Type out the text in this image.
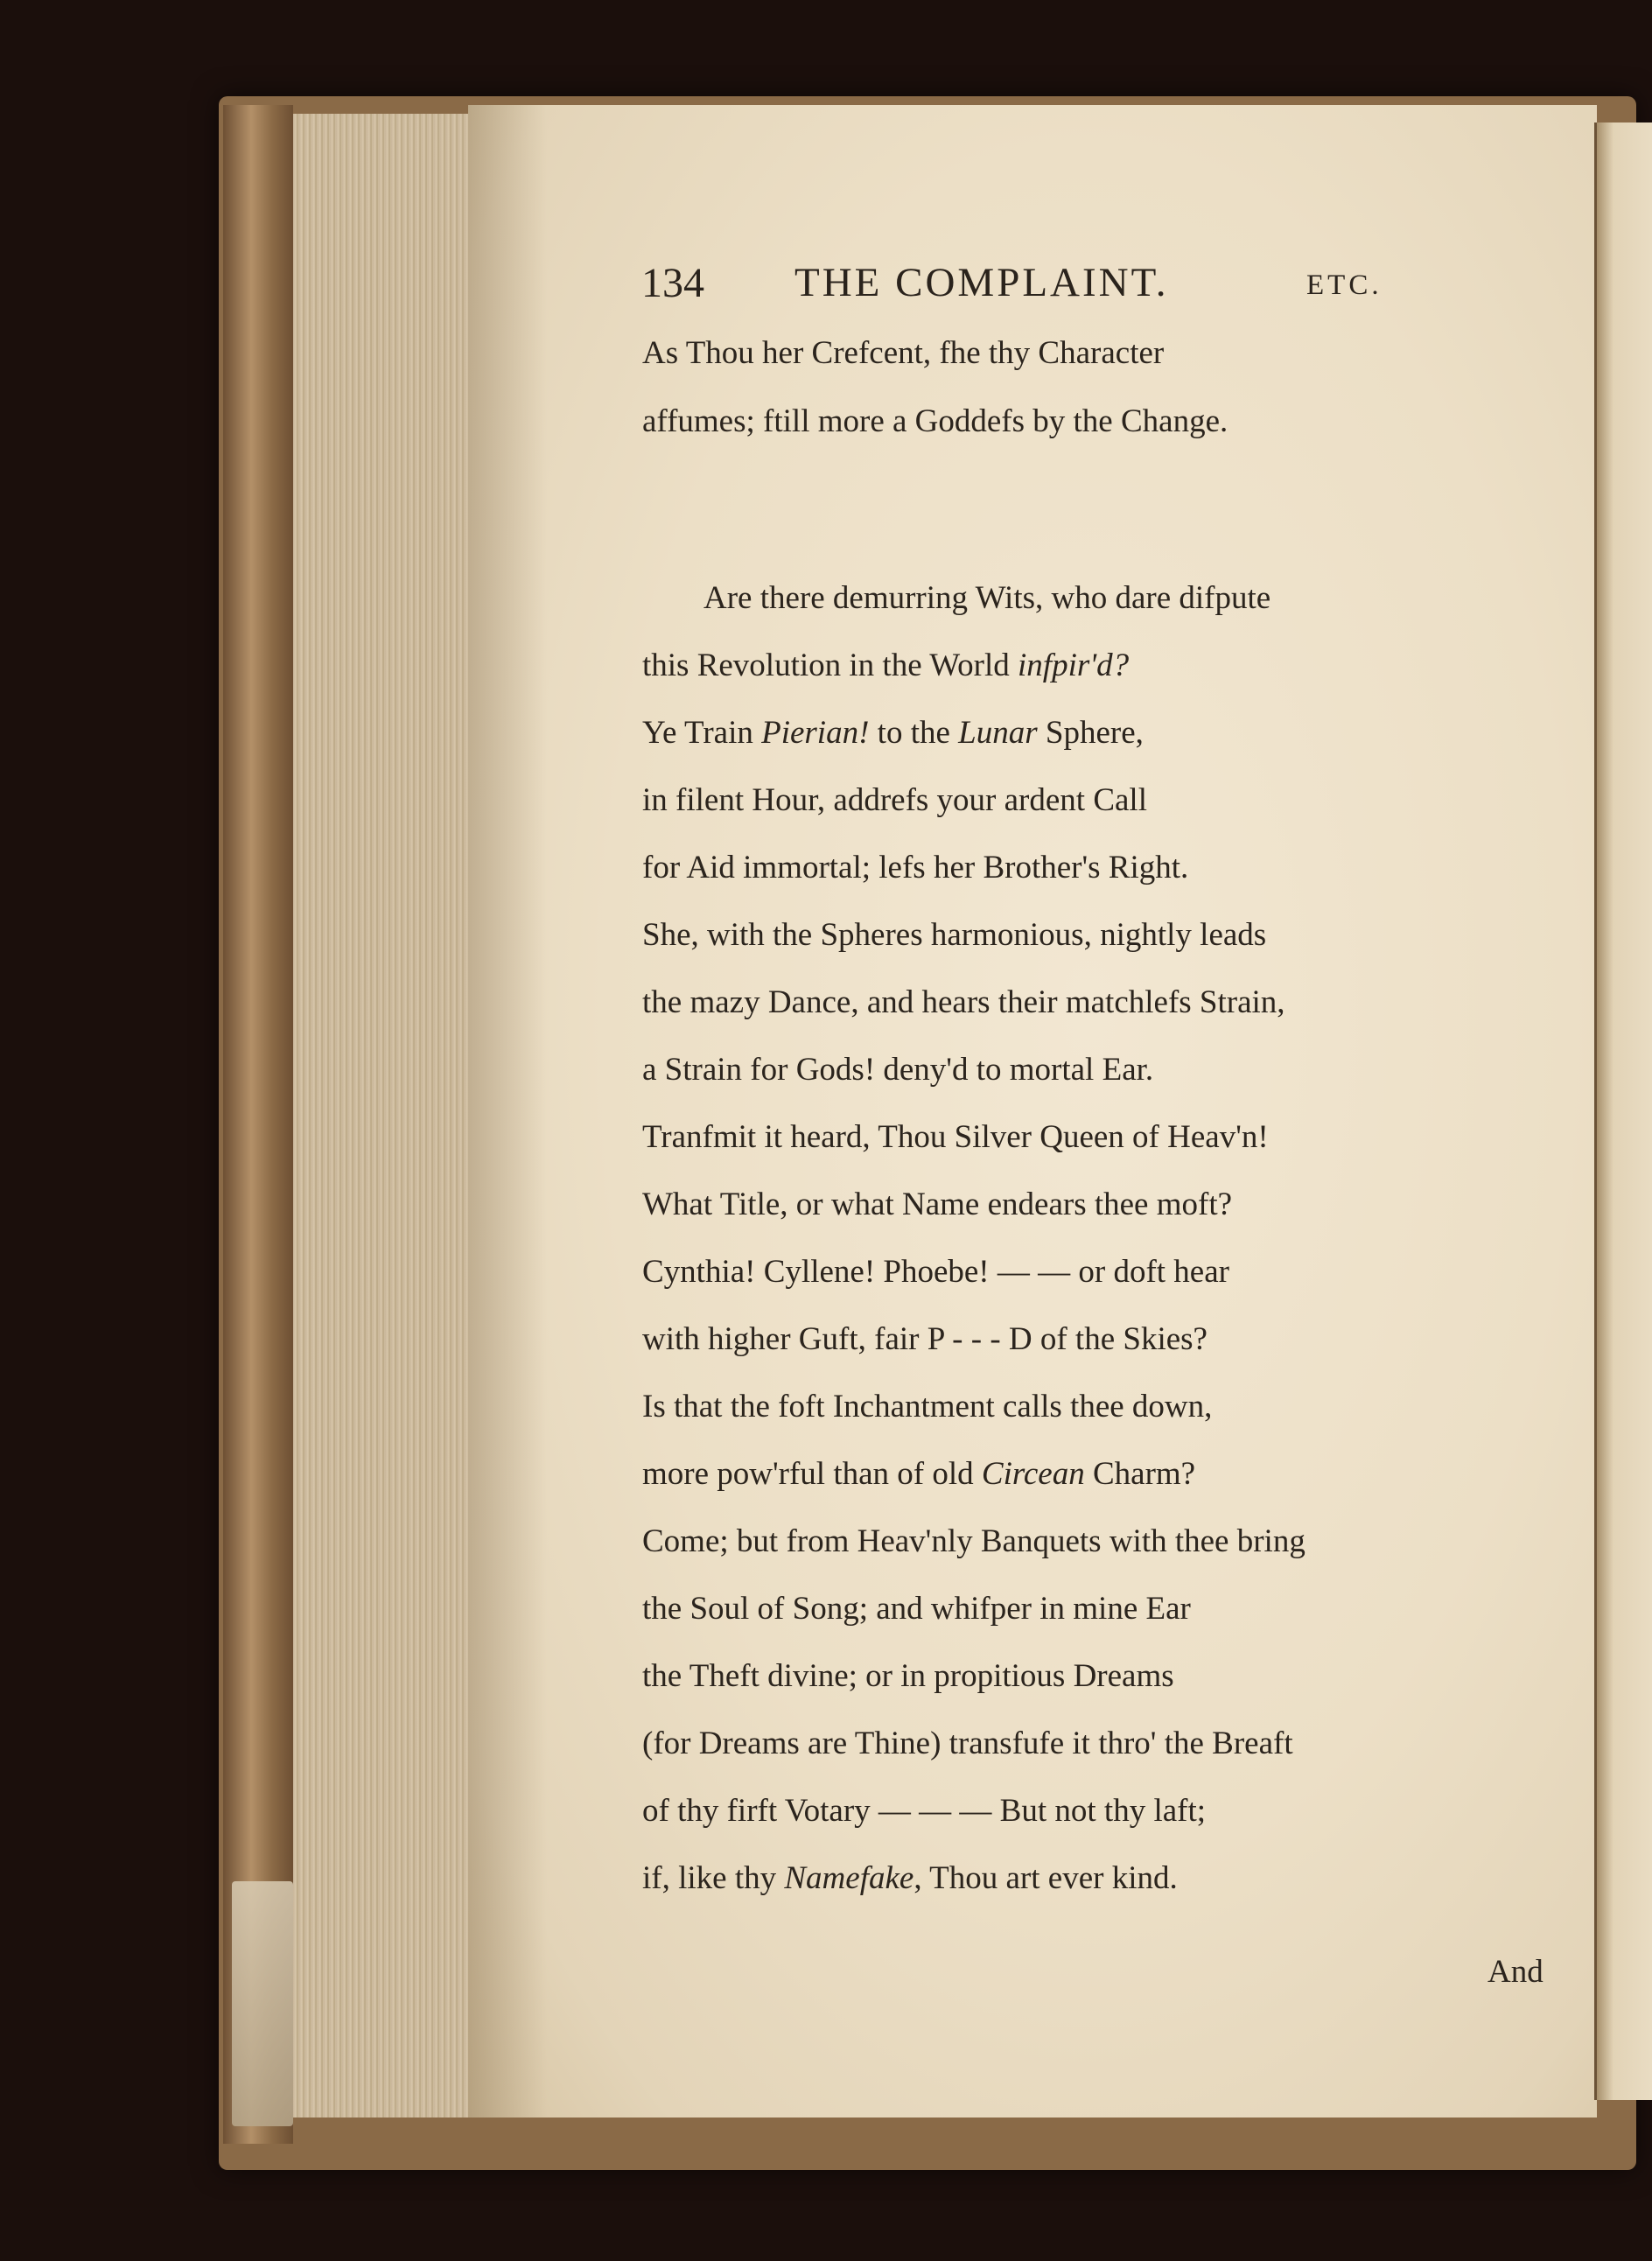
134 THE COMPLAINT.	ETC.
As Thou her Crefcent, fhe thy Character
affumes; ftill more a Goddefs by the Change.
Are there demurring Wits, who dare difpute
this Revolution in the World infpir'd?
Ye Train Pierian! to the Lunar Sphere,
in filent Hour, addrefs your ardent Call
for Aid immortal; lefs her Brother's Right.
She, with the Spheres harmonious, nightly leads
the mazy Dance, and hears their matchlefs Strain,
a Strain for Gods! deny'd to mortal Ear.
Tranfmit it heard, Thou Silver Queen of Heav'n!
What Title, or what Name endears thee moft?
Cynthia! Cyllene! Phoebe! — — or doft hear
with higher Guft, fair P - - - D of the Skies?
Is that the foft Inchantment calls thee down,
more pow'rful than of old Circean Charm?
Come; but from Heav'nly Banquets with thee bring
the Soul of Song; and whifper in mine Ear
the Theft divine; or in propitious Dreams
(for Dreams are Thine) transfufe it thro' the Breaft
of thy firft Votary — — — But not thy laft;
if, like thy Namefake, Thou art ever kind.
And
